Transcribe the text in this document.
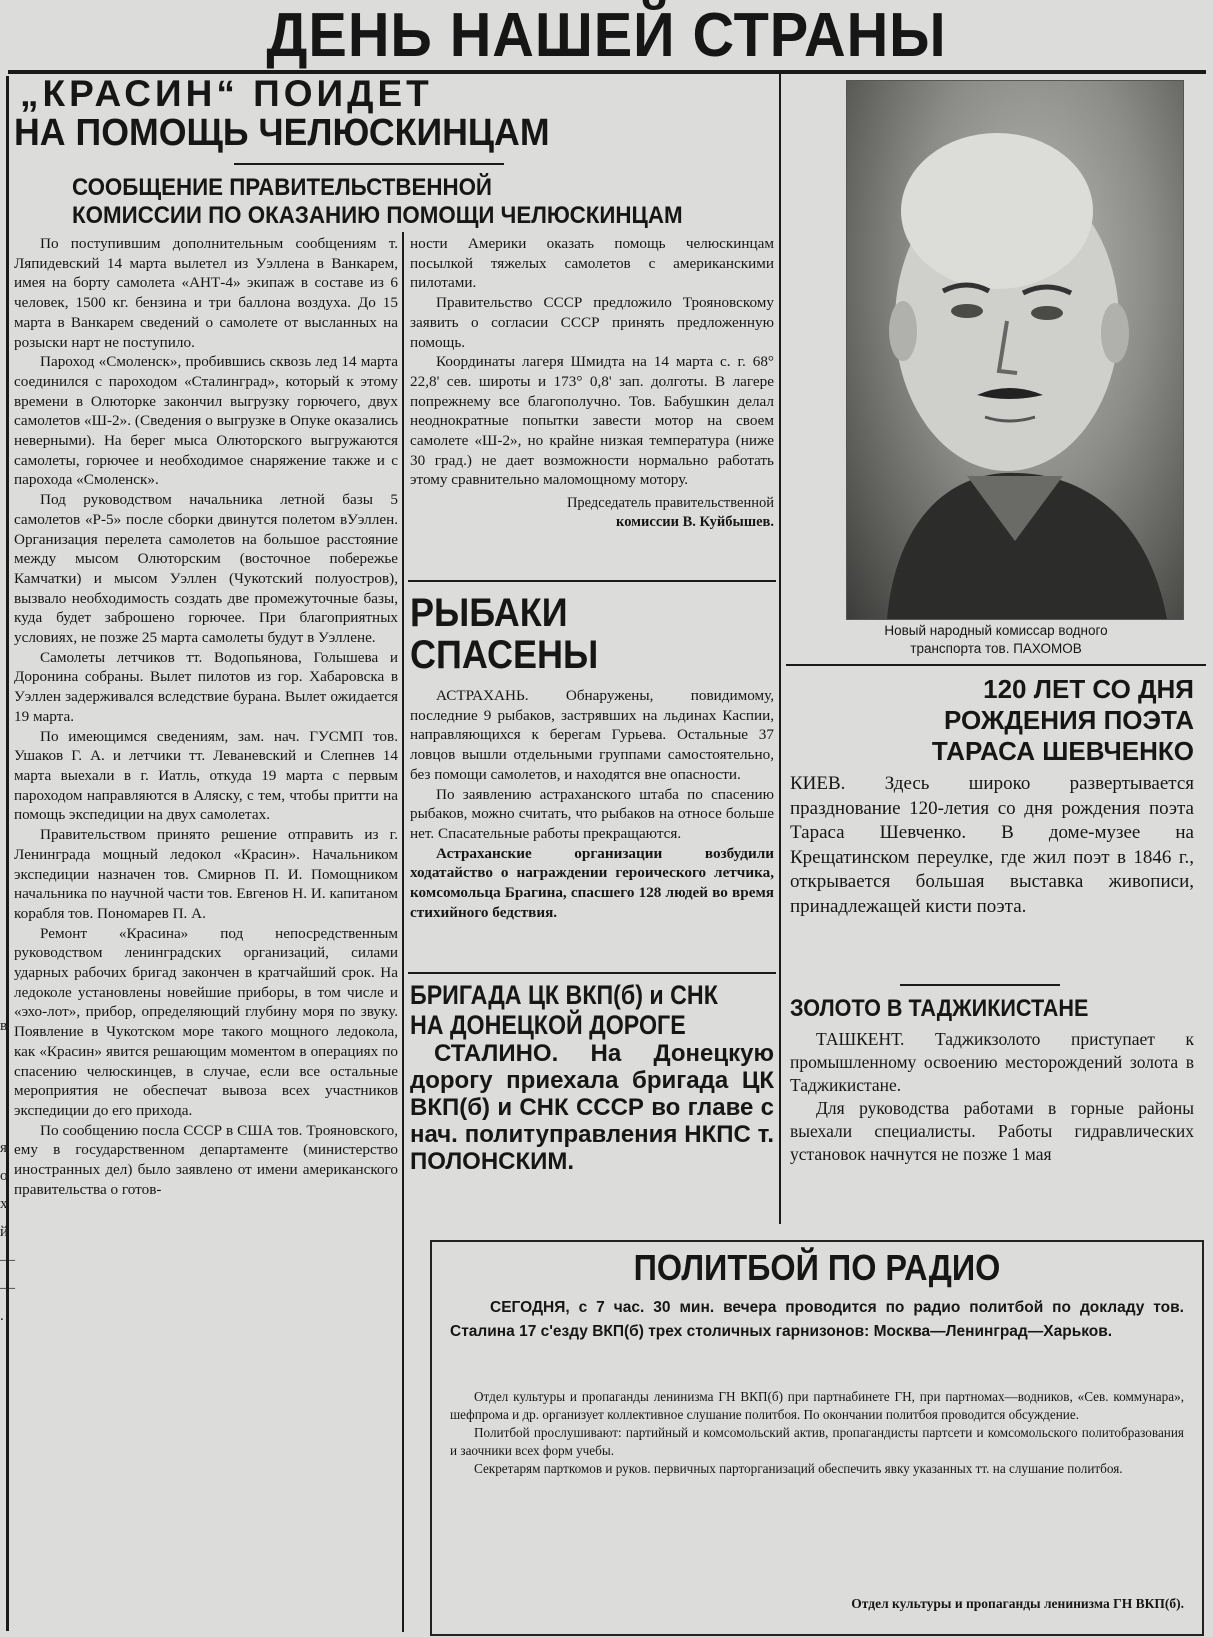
ДЕНЬ НАШЕЙ СТРАНЫ
в
я
о
х
й
—
—
.
„КРАСИН“ ПОИДЕТ
НА ПОМОЩЬ ЧЕЛЮСКИНЦАМ
СООБЩЕНИЕ ПРАВИТЕЛЬСТВЕННОЙ
КОМИССИИ ПО ОКАЗАНИЮ ПОМОЩИ ЧЕЛЮСКИНЦАМ

По поступившим дополнительным сообщениям т. Ляпидевский 14 марта вылетел из Уэллена в Ванкарем, имея на борту самолета «АНТ-4» экипаж в составе из 6 человек, 1500 кг. бензина и три баллона воздуха. До 15 марта в Ванкарем сведений о самолете от высланных на розыски нарт не поступило.

Пароход «Смоленск», пробившись сквозь лед 14 марта соединился с пароходом «Сталинград», который к этому времени в Олюторке закончил выгрузку горючего, двух самолетов «Ш-2». (Сведения о выгрузке в Опуке оказались неверными). На берег мыса Олюторского выгружаются самолеты, горючее и необходимое снаряжение также и с парохода «Смоленск».

Под руководством начальника летной базы 5 самолетов «Р-5» после сборки двинутся полетом вУэллен. Организация перелета самолетов на большое расстояние между мысом Олюторским (восточное побережье Камчатки) и мысом Уэллен (Чукотский полуостров), вызвало необходимость создать две промежуточные базы, куда будет заброшено горючее. При благоприятных условиях, не позже 25 марта самолеты будут в Уэллене.

Самолеты летчиков тт. Водопьянова, Голышева и Доронина собраны. Вылет пилотов из гор. Хабаровска в Уэллен задерживался вследствие бурана. Вылет ожидается 19 марта.

По имеющимся сведениям, зам. нач. ГУСМП тов. Ушаков Г. А. и летчики тт. Леваневский и Слепнев 14 марта выехали в г. Иатль, откуда 19 марта с первым пароходом направляются в Аляску, с тем, чтобы притти на помощь экспедиции на двух самолетах.

Правительством принято решение отправить из г. Ленинграда мощный ледокол «Красин». Начальником экспедиции назначен тов. Смирнов П. И. Помощником начальника по научной части тов. Евгенов Н. И. капитаном корабля тов. Пономарев П. А.

Ремонт «Красина» под непосредственным руководством ленинградских организаций, силами ударных рабочих бригад закончен в кратчайший срок. На ледоколе установлены новейшие приборы, в том числе и «эхо-лот», прибор, определяющий глубину моря по звуку. Появление в Чукотском море такого мощного ледокола, как «Красин» явится решающим моментом в операциях по спасению челюскинцев, в случае, если все остальные мероприятия не обеспечат вывоза всех участников экспедиции до его прихода.

По сообщению посла СССР в США тов. Трояновского, ему в государственном департаменте (министерство иностранных дел) было заявлено от имени американского правительства о готов-

ности Америки оказать помощь челюскинцам посылкой тяжелых самолетов с американскими пилотами.

Правительство СССР предложило Трояновскому заявить о согласии СССР принять предложенную помощь.

Координаты лагеря Шмидта на 14 марта с. г. 68° 22,8' сев. широты и 173° 0,8' зап. долготы. В лагере попрежнему все благополучно. Тов. Бабушкин делал неоднократные попытки завести мотор на своем самолете «Ш-2», но крайне низкая температура (ниже 30 град.) не дает возможности нормально работать этому сравнительно маломощному мотору.

Председатель правительственной
комиссии В. Куйбышев.
РЫБАКИ
СПАСЕНЫ

АСТРАХАНЬ. Обнаружены, повидимому, последние 9 рыбаков, застрявших на льдинах Каспии, направляющихся к берегам Гурьева. Остальные 37 ловцов вышли отдельными группами самостоятельно, без помощи самолетов, и находятся вне опасности.

По заявлению астраханского штаба по спасению рыбаков, можно считать, что рыбаков на относе больше нет. Спасательные работы прекращаются.

Астраханские организации возбудили ходатайство о награждении героического летчика, комсомольца Брагина, спасшего 128 людей во время стихийного бедствия.

БРИГАДА ЦК ВКП(б) и СНК
НА ДОНЕЦКОЙ ДОРОГЕ
СТАЛИНО. На Донецкую дорогу приехала бригада ЦК ВКП(б) и СНК СССР во главе с нач. политуправления НКПС т. ПОЛОНСКИМ.
Новый народный комиссар водного
транспорта тов. ПАХОМОВ
120 ЛЕТ СО ДНЯ
РОЖДЕНИЯ ПОЭТА
ТАРАСА ШЕВЧЕНКО
КИЕВ. Здесь широко развертывается празднование 120-летия со дня рождения поэта Тараса Шевченко. В доме-музее на Крещатинском переулке, где жил поэт в 1846 г., открывается большая выставка живописи, принадлежащей кисти поэта.
ЗОЛОТО В ТАДЖИКИСТАНЕ

ТАШКЕНТ. Таджикзолото приступает к промышленному освоению месторождений золота в Таджикистане.

Для руководства работами в горные районы выехали специалисты. Работы гидравлических установок начнутся не позже 1 мая

ПОЛИТБОЙ ПО РАДИО
СЕГОДНЯ, с 7 час. 30 мин. вечера проводится по радио политбой по докладу тов. Сталина 17 с'езду ВКП(б) трех столичных гарнизонов: Москва—Ленинград—Харьков.

Отдел культуры и пропаганды ленинизма ГН ВКП(б) при партнабинете ГН, при партномах—водников, «Сев. коммунара», шефпрома и др. организует коллективное слушание политбоя. По окончании политбоя проводится обсуждение.

Политбой прослушивают: партийный и комсомольский актив, пропагандисты партсети и комсомольского политобразования и заочники всех форм учебы.

Секретарям парткомов и руков. первичных парторганизаций обеспечить явку указанных тт. на слушание политбоя.

Отдел культуры и пропаганды ленинизма ГН ВКП(б).
